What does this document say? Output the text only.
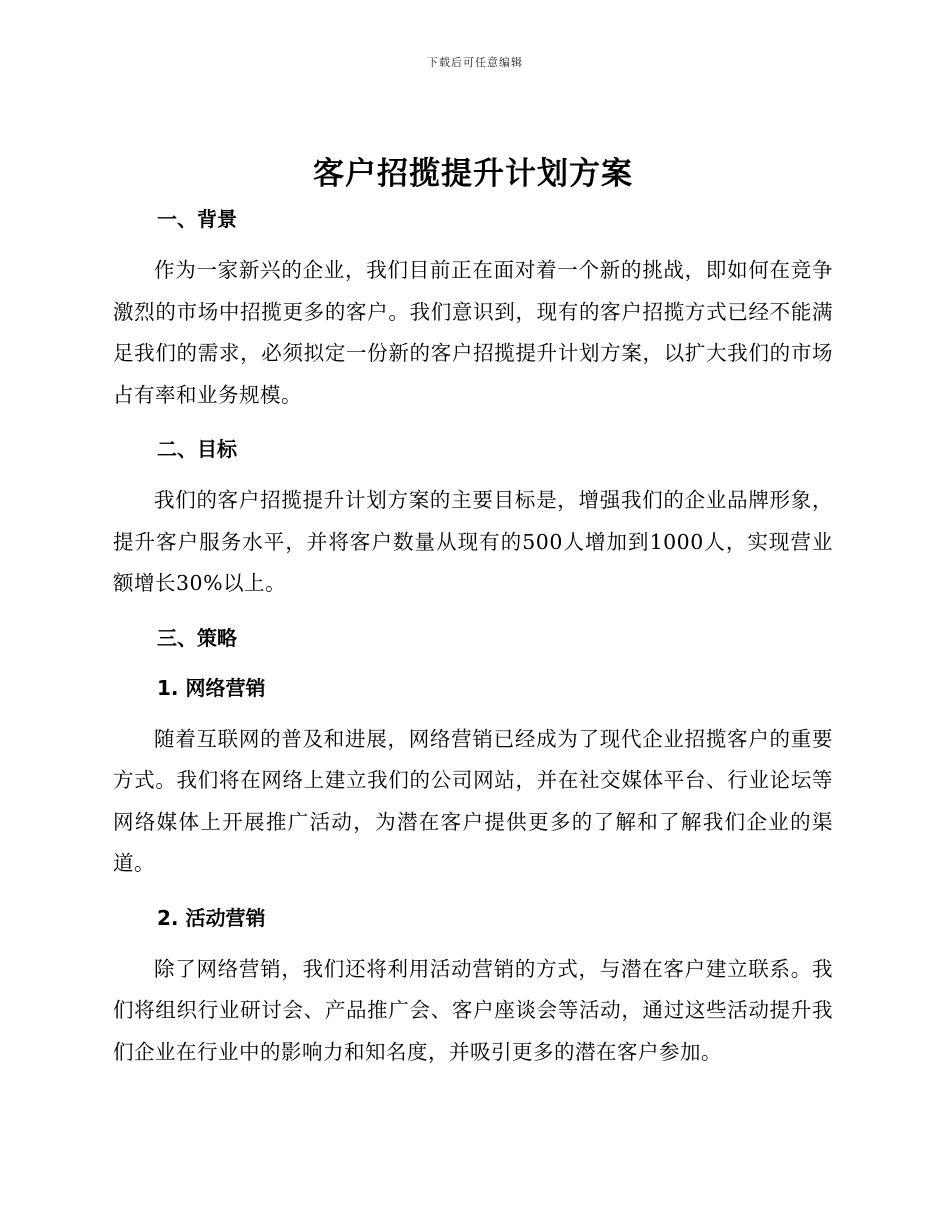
下载后可任意编辑
客户招揽提升计划方案
一、背景

作为一家新兴的企业，我们目前正在面对着一个新的挑战，即如何在竞争激烈的市场中招揽更多的客户。我们意识到，现有的客户招揽方式已经不能满足我们的需求，必须拟定一份新的客户招揽提升计划方案，以扩大我们的市场占有率和业务规模。

二、目标

我们的客户招揽提升计划方案的主要目标是，增强我们的企业品牌形象，提升客户服务水平，并将客户数量从现有的500人增加到1000人，实现营业额增长30%以上。

三、策略
1. 网络营销

随着互联网的普及和进展，网络营销已经成为了现代企业招揽客户的重要方式。我们将在网络上建立我们的公司网站，并在社交媒体平台、行业论坛等网络媒体上开展推广活动，为潜在客户提供更多的了解和了解我们企业的渠道。

2. 活动营销

除了网络营销，我们还将利用活动营销的方式，与潜在客户建立联系。我们将组织行业研讨会、产品推广会、客户座谈会等活动，通过这些活动提升我们企业在行业中的影响力和知名度，并吸引更多的潜在客户参加。
